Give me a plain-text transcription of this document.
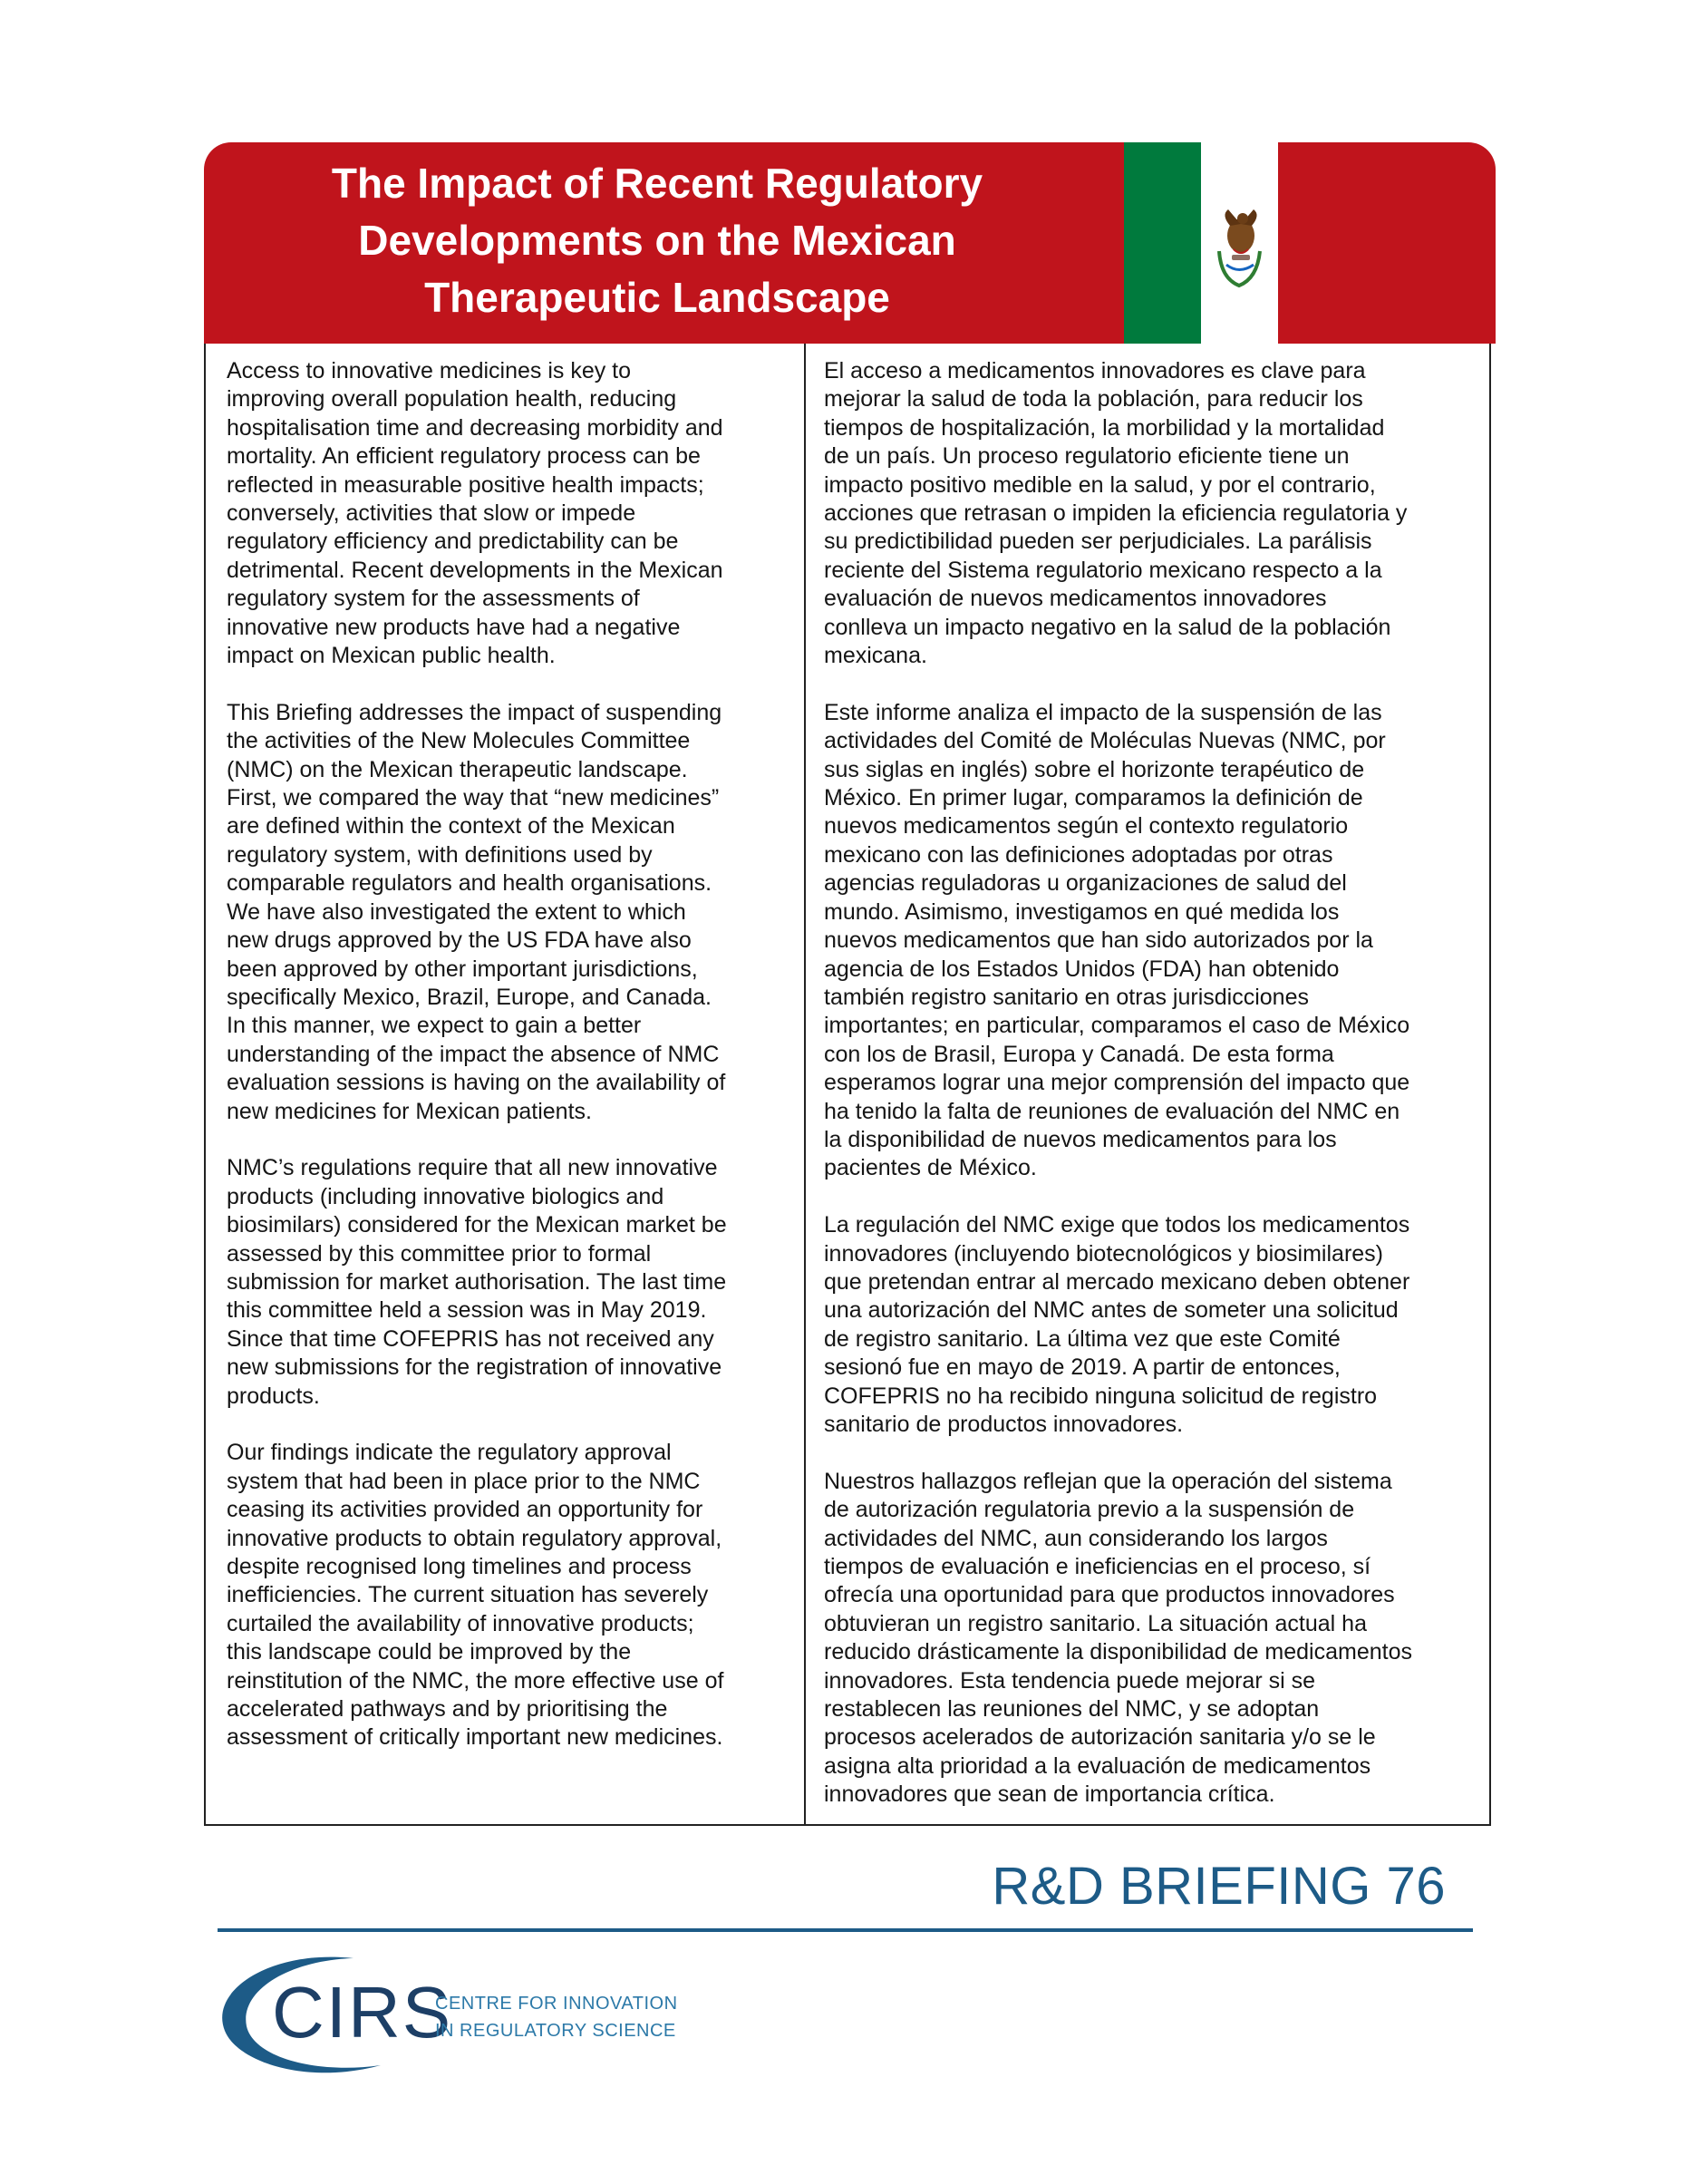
The Impact of Recent Regulatory
Developments on the Mexican
Therapeutic Landscape

Access to innovative medicines is key to
improving overall population health, reducing
hospitalisation time and decreasing morbidity and
mortality. An efficient regulatory process can be
reflected in measurable positive health impacts;
conversely, activities that slow or impede
regulatory efficiency and predictability can be
detrimental. Recent developments in the Mexican
regulatory system for the assessments of
innovative new products have had a negative
impact on Mexican public health.

This Briefing addresses the impact of suspending
the activities of the New Molecules Committee
(NMC) on the Mexican therapeutic landscape.
First, we compared the way that “new medicines”
are defined within the context of the Mexican
regulatory system, with definitions used by
comparable regulators and health organisations.
We have also investigated the extent to which
new drugs approved by the US FDA have also
been approved by other important jurisdictions,
specifically Mexico, Brazil, Europe, and Canada.
In this manner, we expect to gain a better
understanding of the impact the absence of NMC
evaluation sessions is having on the availability of
new medicines for Mexican patients.

NMC’s regulations require that all new innovative
products (including innovative biologics and
biosimilars) considered for the Mexican market be
assessed by this committee prior to formal
submission for market authorisation. The last time
this committee held a session was in May 2019.
Since that time COFEPRIS has not received any
new submissions for the registration of innovative
products.

Our findings indicate the regulatory approval
system that had been in place prior to the NMC
ceasing its activities provided an opportunity for
innovative products to obtain regulatory approval,
despite recognised long timelines and process
inefficiencies. The current situation has severely
curtailed the availability of innovative products;
this landscape could be improved by the
reinstitution of the NMC, the more effective use of
accelerated pathways and by prioritising the
assessment of critically important new medicines.

El acceso a medicamentos innovadores es clave para
mejorar la salud de toda la población, para reducir los
tiempos de hospitalización, la morbilidad y la mortalidad
de un país. Un proceso regulatorio eficiente tiene un
impacto positivo medible en la salud, y por el contrario,
acciones que retrasan o impiden la eficiencia regulatoria y
su predictibilidad pueden ser perjudiciales. La parálisis
reciente del Sistema regulatorio mexicano respecto a la
evaluación de nuevos medicamentos innovadores
conlleva un impacto negativo en la salud de la población
mexicana.

Este informe analiza el impacto de la suspensión de las
actividades del Comité de Moléculas Nuevas (NMC, por
sus siglas en inglés) sobre el horizonte terapéutico de
México. En primer lugar, comparamos la definición de
nuevos medicamentos según el contexto regulatorio
mexicano con las definiciones adoptadas por otras
agencias reguladoras u organizaciones de salud del
mundo. Asimismo, investigamos en qué medida los
nuevos medicamentos que han sido autorizados por la
agencia de los Estados Unidos (FDA) han obtenido
también registro sanitario en otras jurisdicciones
importantes; en particular, comparamos el caso de México
con los de Brasil, Europa y Canadá. De esta forma
esperamos lograr una mejor comprensión del impacto que
ha tenido la falta de reuniones de evaluación del NMC en
la disponibilidad de nuevos medicamentos para los
pacientes de México.

La regulación del NMC exige que todos los medicamentos
innovadores (incluyendo biotecnológicos y biosimilares)
que pretendan entrar al mercado mexicano deben obtener
una autorización del NMC antes de someter una solicitud
de registro sanitario. La última vez que este Comité
sesionó fue en mayo de 2019. A partir de entonces,
COFEPRIS no ha recibido ninguna solicitud de registro
sanitario de productos innovadores.

Nuestros hallazgos reflejan que la operación del sistema
de autorización regulatoria previo a la suspensión de
actividades del NMC, aun considerando los largos
tiempos de evaluación e ineficiencias en el proceso, sí
ofrecía una oportunidad para que productos innovadores
obtuvieran un registro sanitario. La situación actual ha
reducido drásticamente la disponibilidad de medicamentos
innovadores. Esta tendencia puede mejorar si se
restablecen las reuniones del NMC, y se adoptan
procesos acelerados de autorización sanitaria y/o se le
asigna alta prioridad a la evaluación de medicamentos
innovadores que sean de importancia crítica.

R&D BRIEFING 76
CIRS
CENTRE FOR INNOVATION
IN REGULATORY SCIENCE
